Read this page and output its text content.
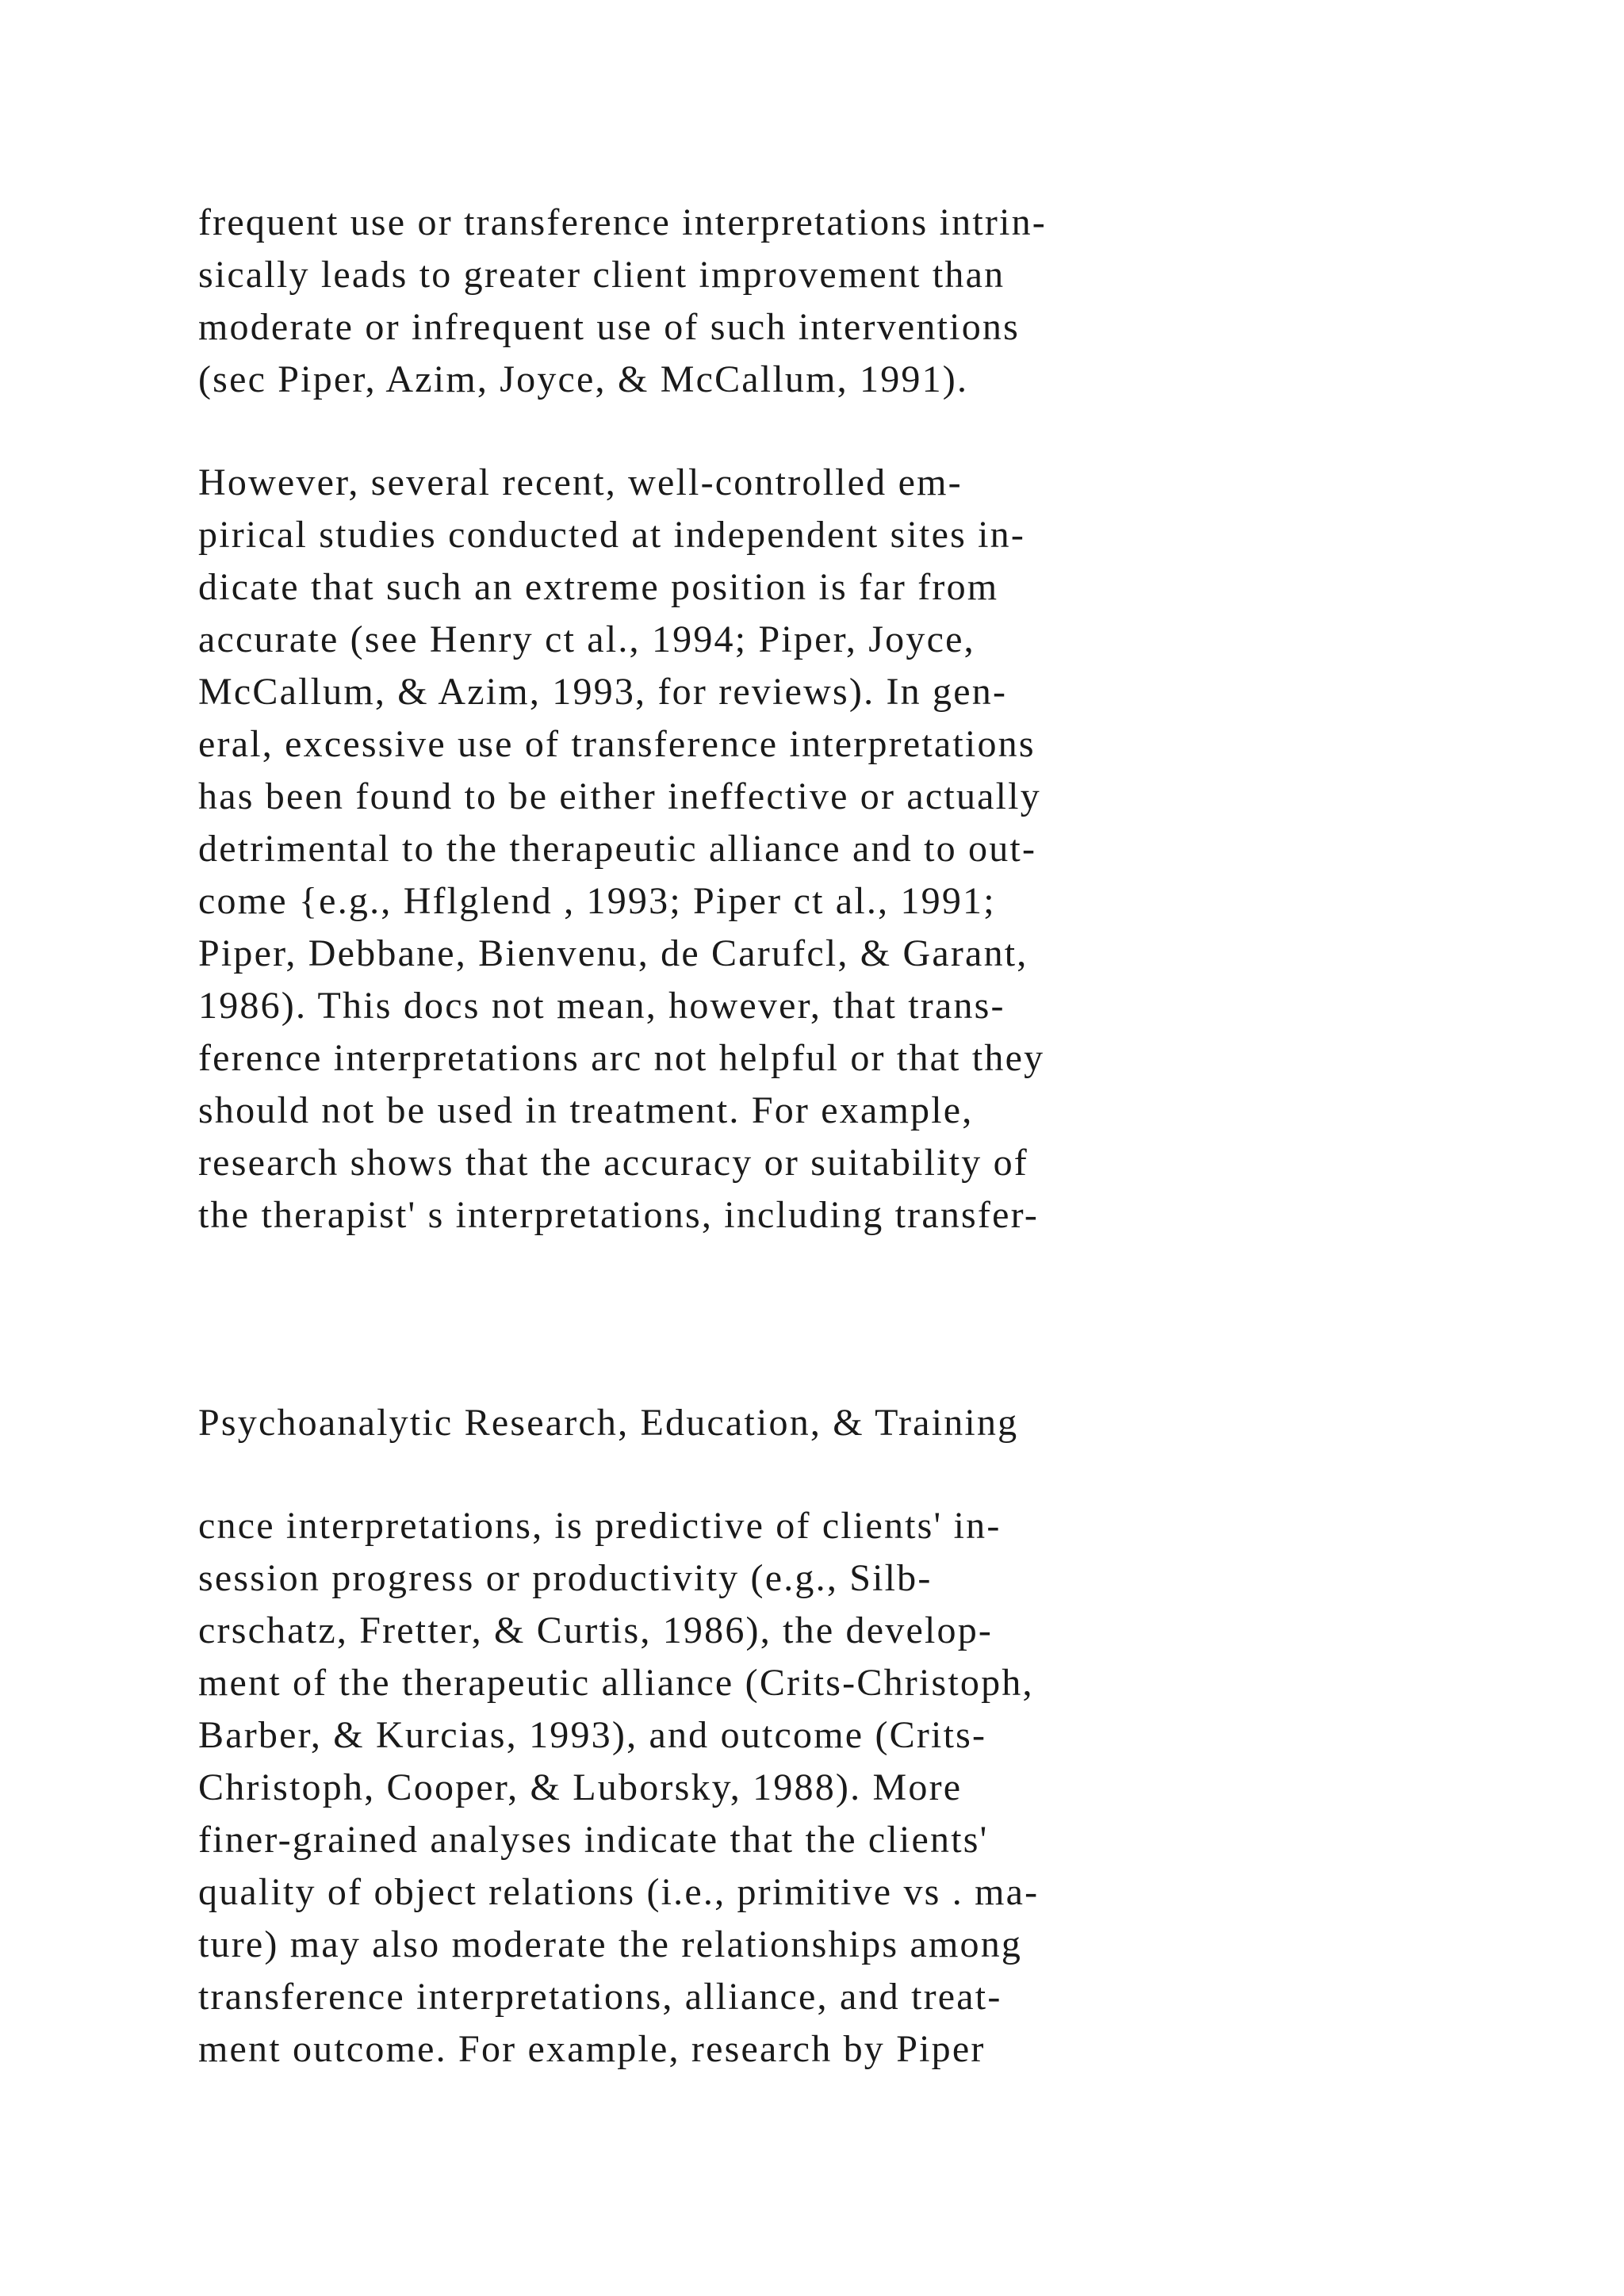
frequent use or transference interpretations intrin-
sically leads to greater client improvement than
moderate or infrequent use of such interventions
(sec Piper, Azim, Joyce, & McCallum, 1991).
However, several recent, well-controlled em-
pirical studies conducted at independent sites in-
dicate that such an extreme position is far from
accurate (see Henry ct al., 1994; Piper, Joyce,
McCallum, & Azim, 1993, for reviews). In gen-
eral, excessive use of transference interpretations
has been found to be either ineffective or actually
detrimental to the therapeutic alliance and to out-
come {e.g., Hflglend , 1993; Piper ct al., 1991;
Piper, Debbane, Bienvenu, de Carufcl, & Garant,
1986). This docs not mean, however, that trans-
ference interpretations arc not helpful or that they
should not be used in treatment. For example,
research shows that the accuracy or suitability of
the therapist' s interpretations, including transfer-
Psychoanalytic Research, Education, & Training
cnce interpretations, is predictive of clients' in-
session progress or productivity (e.g., Silb-
crschatz, Fretter, & Curtis, 1986), the develop-
ment of the therapeutic alliance (Crits-Christoph,
Barber, & Kurcias, 1993), and outcome (Crits-
Christoph, Cooper, & Luborsky, 1988). More
finer-grained analyses indicate that the clients'
quality of object relations (i.e., primitive vs . ma-
ture) may also moderate the relationships among
transference interpretations, alliance, and treat-
ment outcome. For example, research by Piper
